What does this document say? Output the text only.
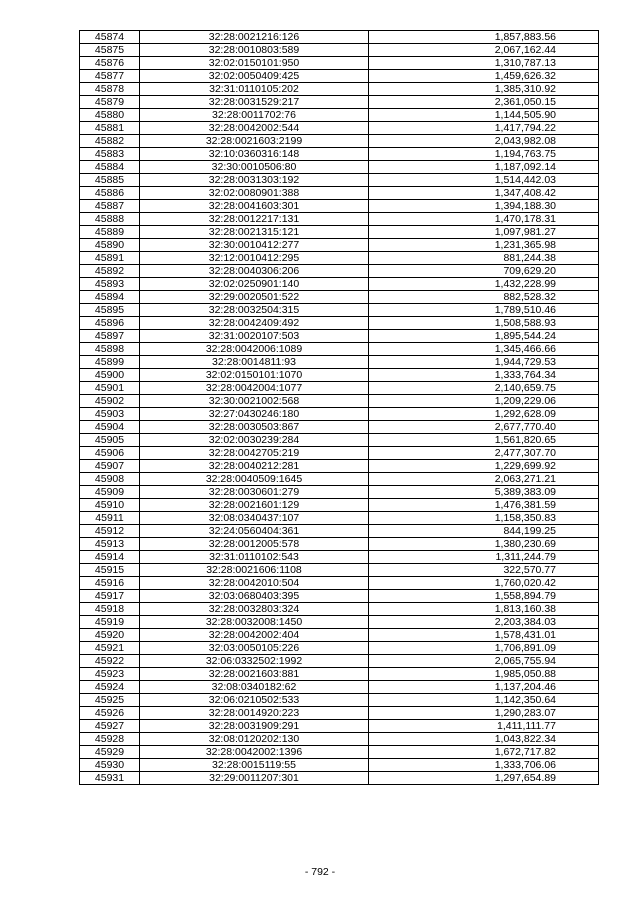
45874	32:28:0021216:126	1,857,883.56
45875	32:28:0010803:589	2,067,162.44
45876	32:02:0150101:950	1,310,787.13
45877	32:02:0050409:425	1,459,626.32
45878	32:31:0110105:202	1,385,310.92
45879	32:28:0031529:217	2,361,050.15
45880	32:28:0011702:76	1,144,505.90
45881	32:28:0042002:544	1,417,794.22
45882	32:28:0021603:2199	2,043,982.08
45883	32:10:0360316:148	1,194,763.75
45884	32:30:0010506:80	1,187,092.14
45885	32:28:0031303:192	1,514,442.03
45886	32:02:0080901:388	1,347,408.42
45887	32:28:0041603:301	1,394,188.30
45888	32:28:0012217:131	1,470,178.31
45889	32:28:0021315:121	1,097,981.27
45890	32:30:0010412:277	1,231,365.98
45891	32:12:0010412:295	881,244.38
45892	32:28:0040306:206	709,629.20
45893	32:02:0250901:140	1,432,228.99
45894	32:29:0020501:522	882,528.32
45895	32:28:0032504:315	1,789,510.46
45896	32:28:0042409:492	1,508,588.93
45897	32:31:0020107:503	1,895,544.24
45898	32:28:0042006:1089	1,345,466.66
45899	32:28:0014811:93	1,944,729.53
45900	32:02:0150101:1070	1,333,764.34
45901	32:28:0042004:1077	2,140,659.75
45902	32:30:0021002:568	1,209,229.06
45903	32:27:0430246:180	1,292,628.09
45904	32:28:0030503:867	2,677,770.40
45905	32:02:0030239:284	1,561,820.65
45906	32:28:0042705:219	2,477,307.70
45907	32:28:0040212:281	1,229,699.92
45908	32:28:0040509:1645	2,063,271.21
45909	32:28:0030601:279	5,389,383.09
45910	32:28:0021601:129	1,476,381.59
45911	32:08:0340437:107	1,158,350.83
45912	32:24:0560404:361	844,199.25
45913	32:28:0012005:578	1,380,230.69
45914	32:31:0110102:543	1,311,244.79
45915	32:28:0021606:1108	322,570.77
45916	32:28:0042010:504	1,760,020.42
45917	32:03:0680403:395	1,558,894.79
45918	32:28:0032803:324	1,813,160.38
45919	32:28:0032008:1450	2,203,384.03
45920	32:28:0042002:404	1,578,431.01
45921	32:03:0050105:226	1,706,891.09
45922	32:06:0332502:1992	2,065,755.94
45923	32:28:0021603:881	1,985,050.88
45924	32:08:0340182:62	1,137,204.46
45925	32:06:0210502:533	1,142,350.64
45926	32:28:0014920:223	1,290,283.07
45927	32:28:0031909:291	1,411,111.77
45928	32:08:0120202:130	1,043,822.34
45929	32:28:0042002:1396	1,672,717.82
45930	32:28:0015119:55	1,333,706.06
45931	32:29:0011207:301	1,297,654.89
- 792 -
